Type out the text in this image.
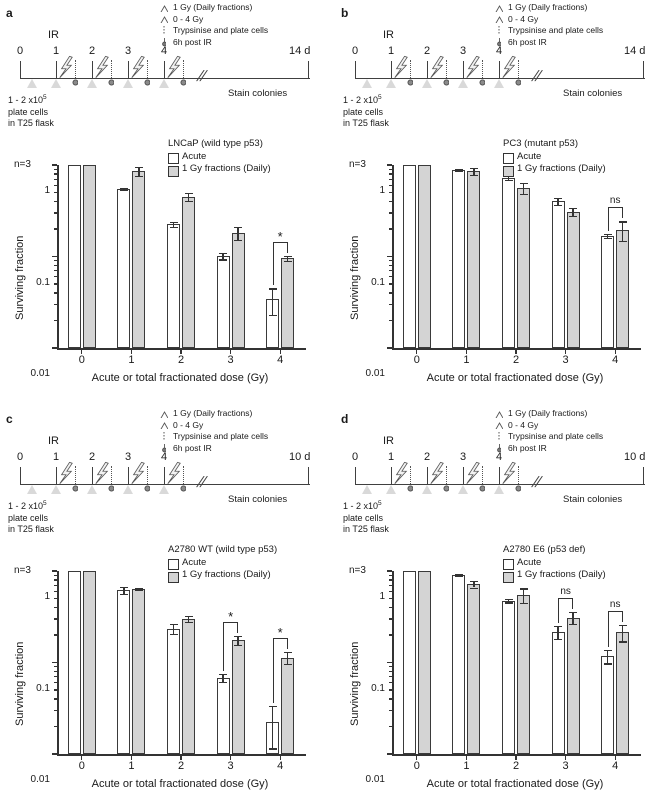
a	1 Gy (Daily fractions)
0 - 4 Gy
Trypsinise and plate cells
6h post IR
0	1	2	3	4
IR
//
14 d
Stain colonies
1 - 2 $x10^5$
plate cells
in T25 flask
1
0.1
0.01
Surviving fraction
n=3
LNCaP (wild type p53)
Acute
1 Gy fractions (Daily)
0	1	2	3	4
*
Acute or total fractionated dose (Gy)
b	1 Gy (Daily fractions)
0 - 4 Gy
Trypsinise and plate cells
6h post IR
0	1	2	3	4
IR
//
14 d
Stain colonies
1 - 2 $x10^5$
plate cells
in T25 flask
1
0.1
0.01
Surviving fraction
n=3
PC3 (mutant p53)
Acute
1 Gy fractions (Daily)
0	1	2	3	4
ns
Acute or total fractionated dose (Gy)
c	1 Gy (Daily fractions)
0 - 4 Gy
Trypsinise and plate cells
6h post IR
0	1	2	3	4
IR
//
10 d
Stain colonies
1 - 2 $x10^5$
plate cells
in T25 flask
1
0.1
0.01
Surviving fraction
n=3
A2780 WT (wild type p53)
Acute
1 Gy fractions (Daily)
0	1	2	3	4
*
*
Acute or total fractionated dose (Gy)
d	1 Gy (Daily fractions)
0 - 4 Gy
Trypsinise and plate cells
6h post IR
0	1	2	3	4
IR
//
10 d
Stain colonies
1 - 2 $x10^5$
plate cells
in T25 flask
1
0.1
0.01
Surviving fraction
n=3
A2780 E6 (p53 def)
Acute
1 Gy fractions (Daily)
0	1	2	3	4
ns
ns
Acute or total fractionated dose (Gy)
